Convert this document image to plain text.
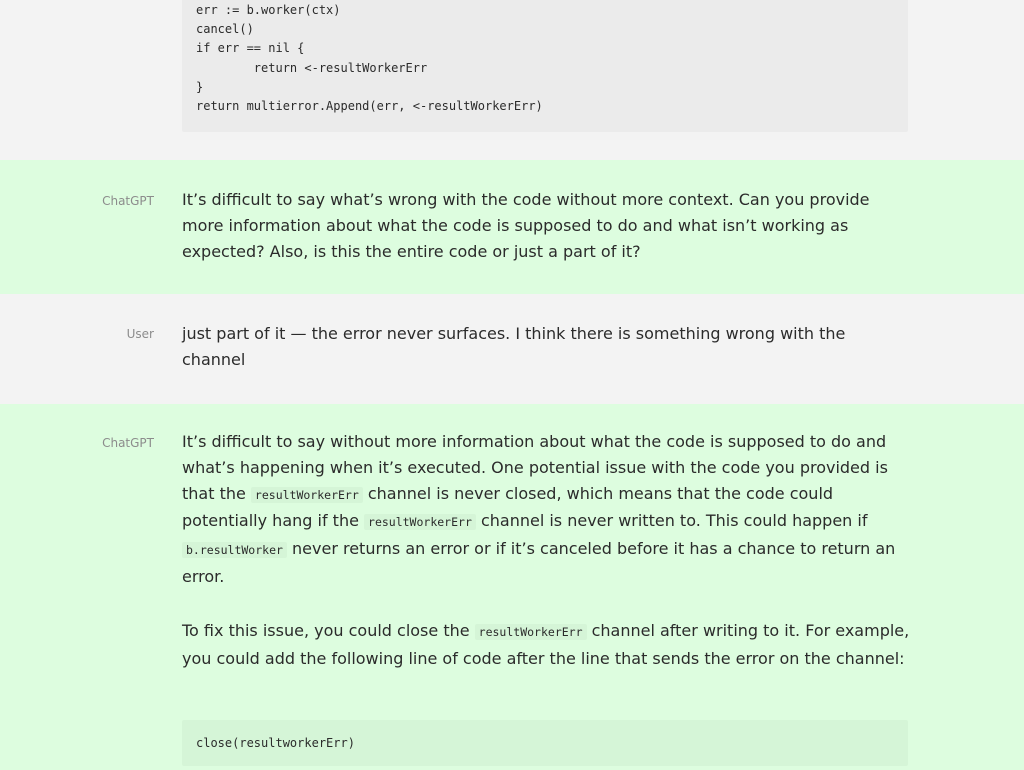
err := b.worker(ctx)
cancel()
if err == nil {
return <-resultWorkerErr
}
return multierror.Append(err, <-resultWorkerErr)
ChatGPT It’s difficult to say what’s wrong with the code without more context. Can you provide more information about what the code is supposed to do and what isn’t working as expected? Also, is this the entire code or just a part of it?

User just part of it — the error never surfaces. I think there is something wrong with the channel

ChatGPT It’s difficult to say without more information about what the code is supposed to do and what’s happening when it’s executed. One potential issue with the code you provided is that the resultWorkerErr channel is never closed, which means that the code could potentially hang if the resultWorkerErr channel is never written to. This could happen if b.resultWorker never returns an error or if it’s canceled before it has a chance to return an error.

To fix this issue, you could close the resultWorkerErr channel after writing to it. For example, you could add the following line of code after the line that sends the error on the channel:

close(resultworkerErr)
